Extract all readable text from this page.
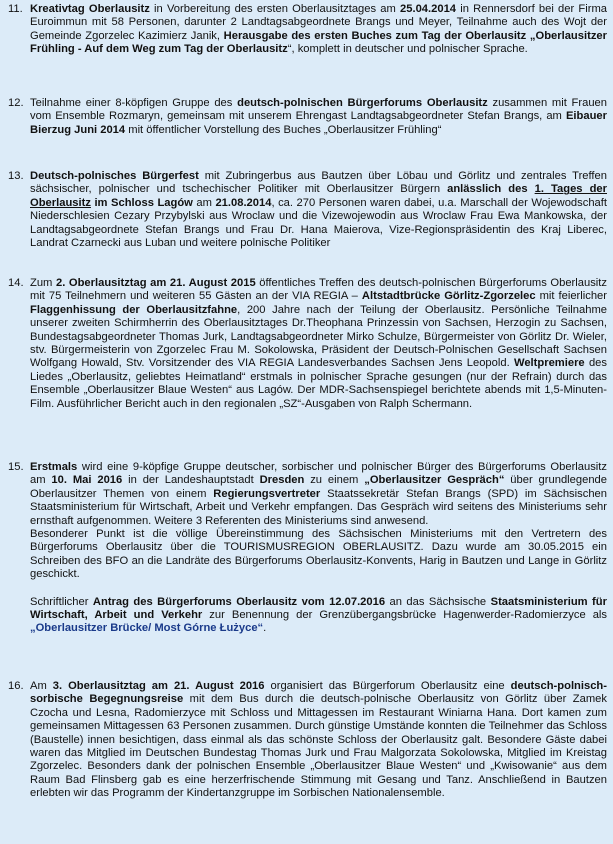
11. Kreativtag Oberlausitz in Vorbereitung des ersten Oberlausitztages am 25.04.2014 in Rennersdorf bei der Firma Euroimmun mit 58 Personen, darunter 2 Landtagsabgeordnete Brangs und Meyer, Teilnahme auch des Wojt der Gemeinde Zgorzelec Kazimierz Janik, Herausgabe des ersten Buches zum Tag der Oberlausitz „Oberlausitzer Frühling - Auf dem Weg zum Tag der Oberlausitz“, komplett in deutscher und polnischer Sprache.

12. Teilnahme einer 8-köpfigen Gruppe des deutsch-polnischen Bürgerforums Oberlausitz zusammen mit Frauen vom Ensemble Rozmaryn, gemeinsam mit unserem Ehrengast Landtagsabgeordneter Stefan Brangs, am Eibauer Bierzug Juni 2014 mit öffentlicher Vorstellung des Buches „Oberlausitzer Frühling“

13. Deutsch-polnisches Bürgerfest mit Zubringerbus aus Bautzen über Löbau und Görlitz und zentrales Treffen sächsischer, polnischer und tschechischer Politiker mit Oberlausitzer Bürgern anlässlich des 1. Tages der Oberlausitz im Schloss Lagów am 21.08.2014, ca. 270 Personen waren dabei, u.a. Marschall der Wojewodschaft Niederschlesien Cezary Przybylski aus Wroclaw und die Vizewojewodin aus Wroclaw Frau Ewa Mankowska, der Landtagsabgeordnete Stefan Brangs und Frau Dr. Hana Maierova, Vize-Regionspräsidentin des Kraj Liberec, Landrat Czarnecki aus Luban und weitere polnische Politiker

14. Zum 2. Oberlausitztag am 21. August 2015 öffentliches Treffen des deutsch-polnischen Bürgerforums Oberlausitz mit 75 Teilnehmern und weiteren 55 Gästen an der VIA REGIA – Altstadtbrücke Görlitz-Zgorzelec mit feierlicher Flaggenhissung der Oberlausitzfahne, 200 Jahre nach der Teilung der Oberlausitz. Persönliche Teilnahme unserer zweiten Schirmherrin des Oberlausitztages Dr.Theophana Prinzessin von Sachsen, Herzogin zu Sachsen, Bundestagsabgeordneter Thomas Jurk, Landtagsabgeordneter Mirko Schulze, Bürgermeister von Görlitz Dr. Wieler, stv. Bürgermeisterin von Zgorzelec Frau M. Sokolowska, Präsident der Deutsch-Polnischen Gesellschaft Sachsen Wolfgang Howald, Stv. Vorsitzender des VIA REGIA Landesverbandes Sachsen Jens Leopold. Weltpremiere des Liedes „Oberlausitz, geliebtes Heimatland“ erstmals in polnischer Sprache gesungen (nur der Refrain) durch das Ensemble „Oberlausitzer Blaue Westen“ aus Lagów. Der MDR-Sachsenspiegel berichtete abends mit 1,5-Minuten-Film. Ausführlicher Bericht auch in den regionalen „SZ“-Ausgaben von Ralph Schermann.

15. Erstmals wird eine 9-köpfige Gruppe deutscher, sorbischer und polnischer Bürger des Bürgerforums Oberlausitz am 10. Mai 2016 in der Landeshauptstadt Dresden zu einem „Oberlausitzer Gespräch“ über grundlegende Oberlausitzer Themen von einem Regierungsvertreter Staatssekretär Stefan Brangs (SPD) im Sächsischen Staatsministerium für Wirtschaft, Arbeit und Verkehr empfangen. Das Gespräch wird seitens des Ministeriums sehr ernsthaft aufgenommen. Weitere 3 Referenten des Ministeriums sind anwesend.

Besonderer Punkt ist die völlige Übereinstimmung des Sächsischen Ministeriums mit den Vertretern des Bürgerforums Oberlausitz über die TOURISMUSREGION OBERLAUSITZ. Dazu wurde am 30.05.2015 ein Schreiben des BFO an die Landräte des Bürgerforums Oberlausitz-Konvents, Harig in Bautzen und Lange in Görlitz geschickt.

Schriftlicher Antrag des Bürgerforums Oberlausitz vom 12.07.2016 an das Sächsische Staatsministerium für Wirtschaft, Arbeit und Verkehr zur Benennung der Grenzübergangsbrücke Hagenwerder-Radomierzyce als „Oberlausitzer Brücke/ Most Górne Łużyce“.

16. Am 3. Oberlausitztag am 21. August 2016 organisiert das Bürgerforum Oberlausitz eine deutsch-polnisch-sorbische Begegnungsreise mit dem Bus durch die deutsch-polnische Oberlausitz von Görlitz über Zamek Czocha und Lesna, Radomierzyce mit Schloss und Mittagessen im Restaurant Winiarna Hana. Dort kamen zum gemeinsamen Mittagessen 63 Personen zusammen. Durch günstige Umstände konnten die Teilnehmer das Schloss (Baustelle) innen besichtigen, dass einmal als das schönste Schloss der Oberlausitz galt. Besondere Gäste dabei waren das Mitglied im Deutschen Bundestag Thomas Jurk und Frau Malgorzata Sokolowska, Mitglied im Kreistag Zgorzelec. Besonders dank der polnischen Ensemble „Oberlausitzer Blaue Westen“ und „Kwisowanie“ aus dem Raum Bad Flinsberg gab es eine herzerfrischende Stimmung mit Gesang und Tanz. Anschließend in Bautzen erlebten wir das Programm der Kindertanzgruppe im Sorbischen Nationalensemble.
